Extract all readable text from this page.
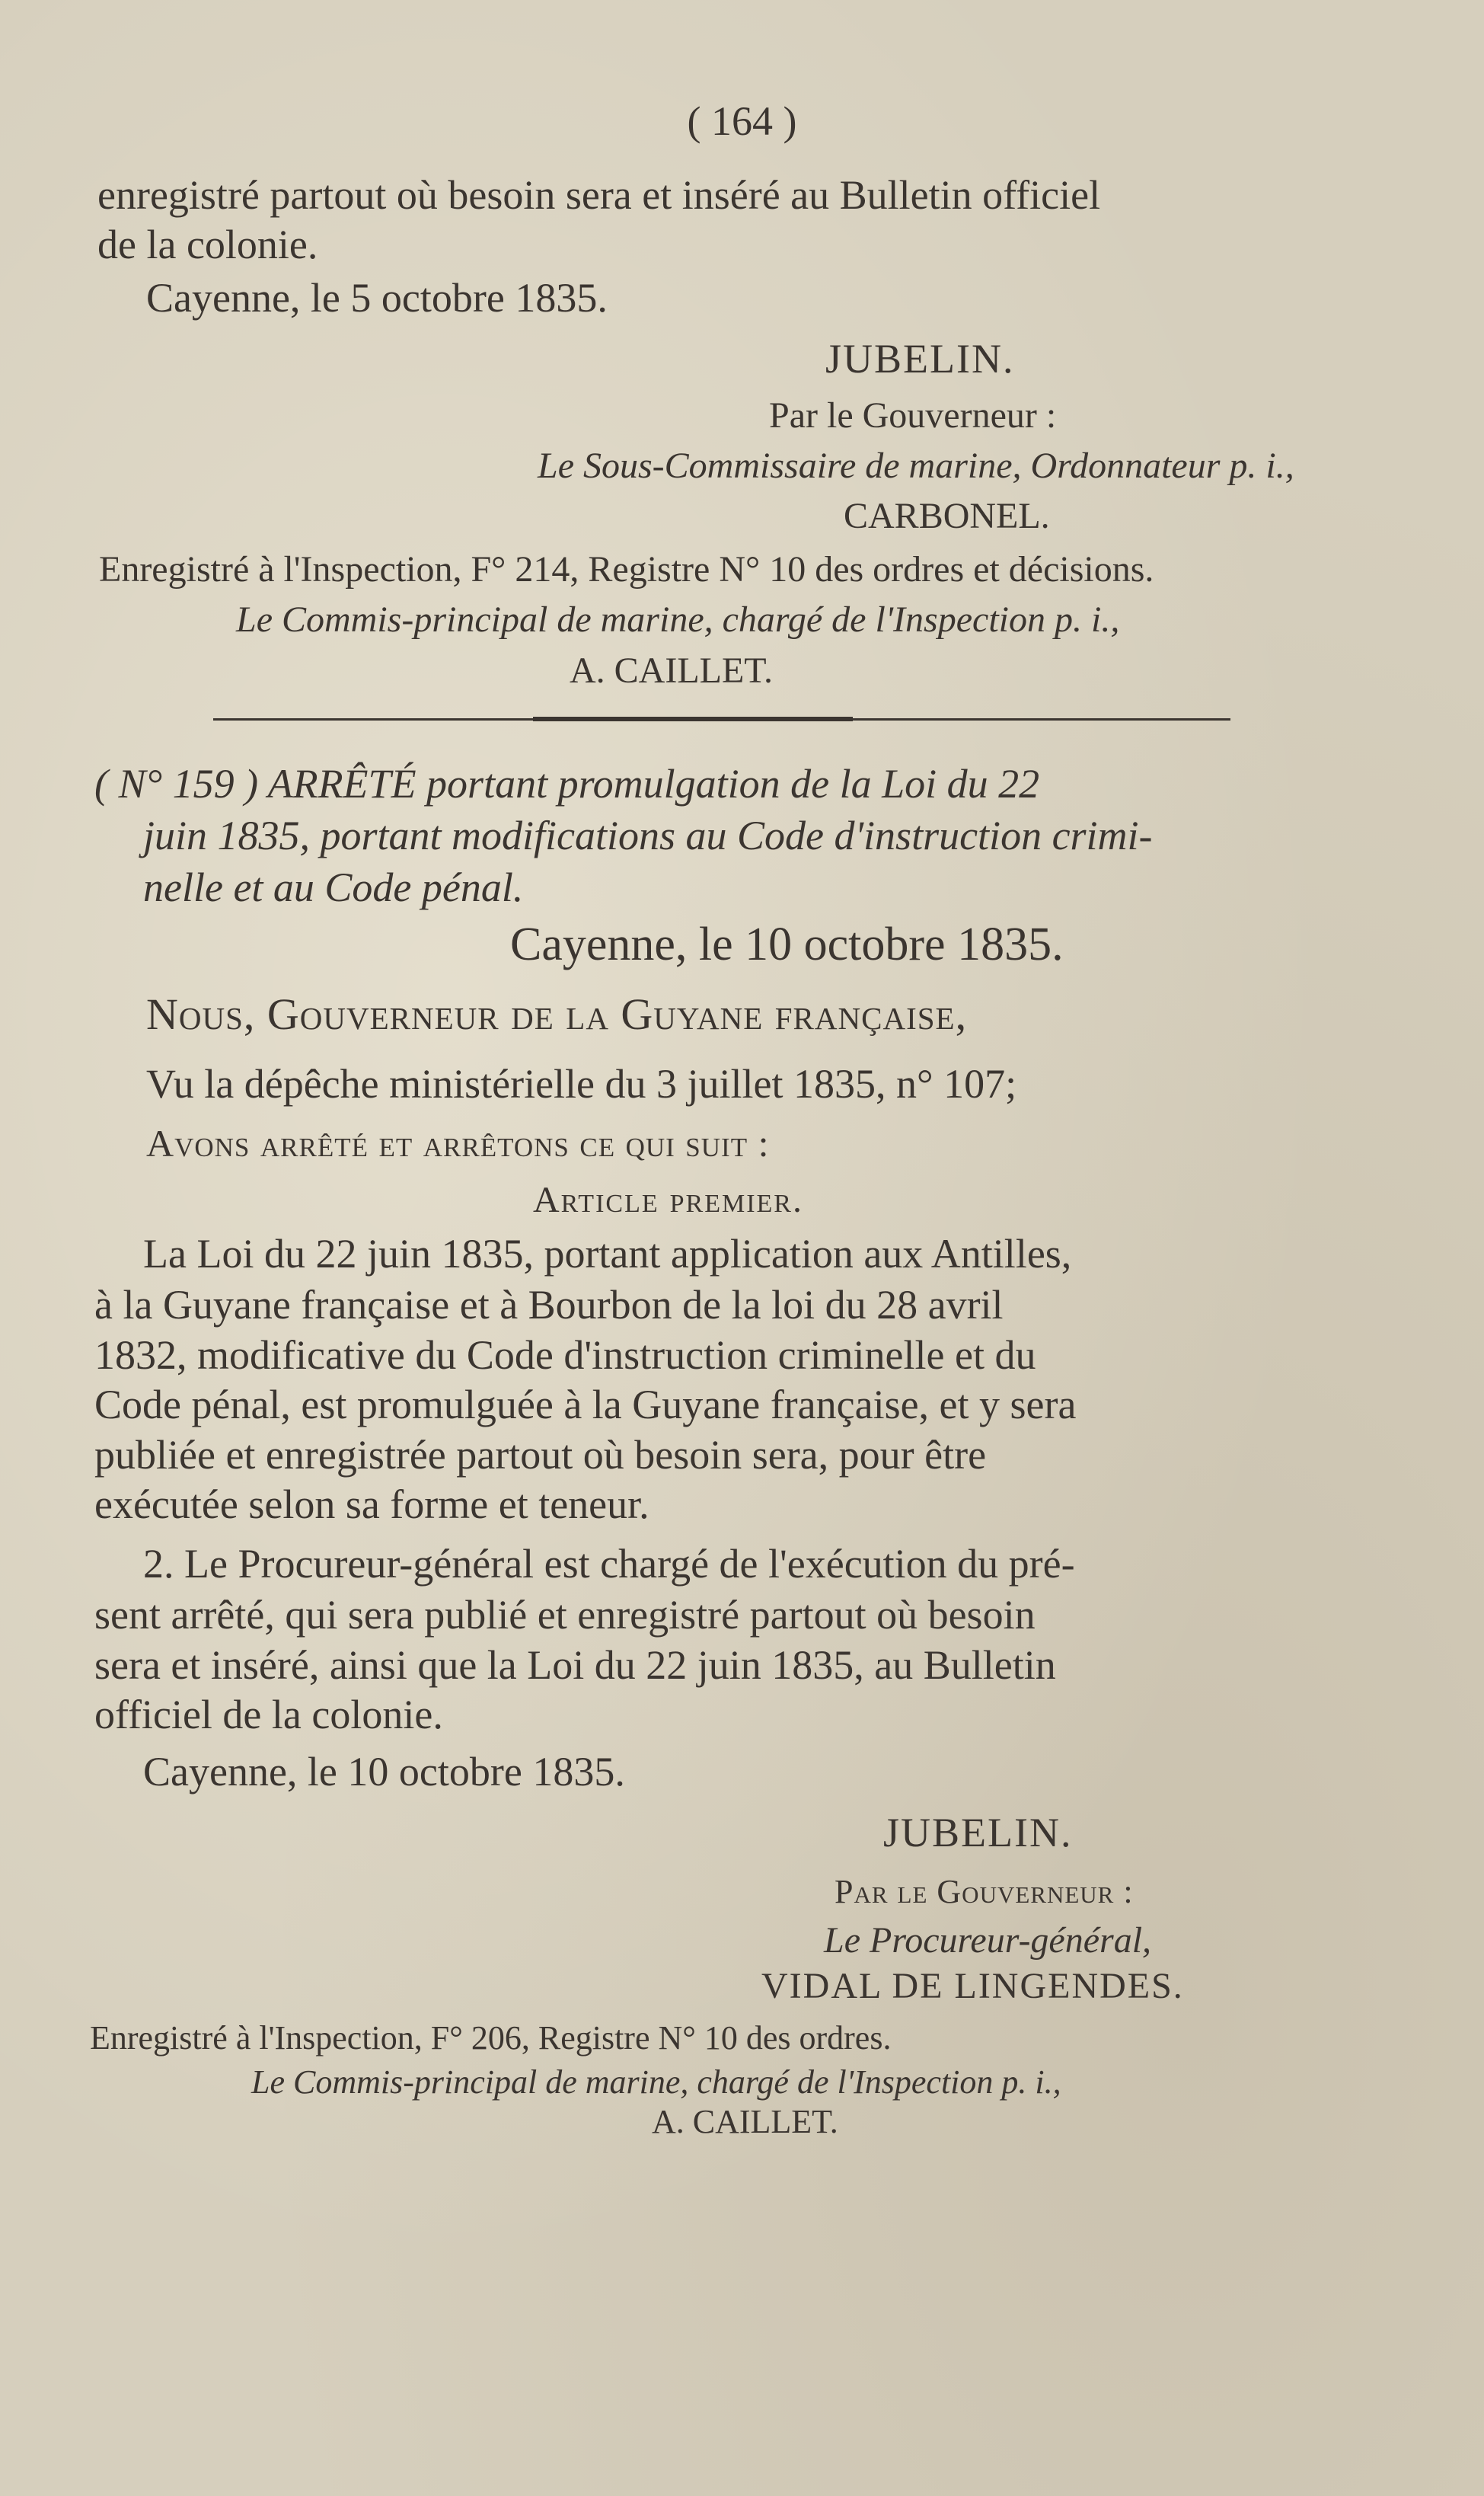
( 164 )
enregistré partout où besoin sera et inséré au Bulletin officiel
de la colonie.
Cayenne, le 5 octobre 1835.
JUBELIN.
Par le Gouverneur :
Le Sous-Commissaire de marine, Ordonnateur p. i.,
CARBONEL.
Enregistré à l'Inspection, F° 214, Registre N° 10 des ordres et décisions.
Le Commis-principal de marine, chargé de l'Inspection p. i.,
A. CAILLET.
( N° 159 ) ARRÊTÉ portant promulgation de la Loi du 22
juin 1835, portant modifications au Code d'instruction crimi-
nelle et au Code pénal.
Cayenne, le 10 octobre 1835.
Nous, Gouverneur de la Guyane française,
Vu la dépêche ministérielle du 3 juillet 1835, n° 107;
Avons arrêté et arrêtons ce qui suit :
Article premier.
La Loi du 22 juin 1835, portant application aux Antilles,
à la Guyane française et à Bourbon de la loi du 28 avril
1832, modificative du Code d'instruction criminelle et du
Code pénal, est promulguée à la Guyane française, et y sera
publiée et enregistrée partout où besoin sera, pour être
exécutée selon sa forme et teneur.
2. Le Procureur-général est chargé de l'exécution du pré-
sent arrêté, qui sera publié et enregistré partout où besoin
sera et inséré, ainsi que la Loi du 22 juin 1835, au Bulletin
officiel de la colonie.
Cayenne, le 10 octobre 1835.
JUBELIN.
Par le Gouverneur :
Le Procureur-général,
VIDAL DE LINGENDES.
Enregistré à l'Inspection, F° 206, Registre N° 10 des ordres.
Le Commis-principal de marine, chargé de l'Inspection p. i.,
A. CAILLET.
